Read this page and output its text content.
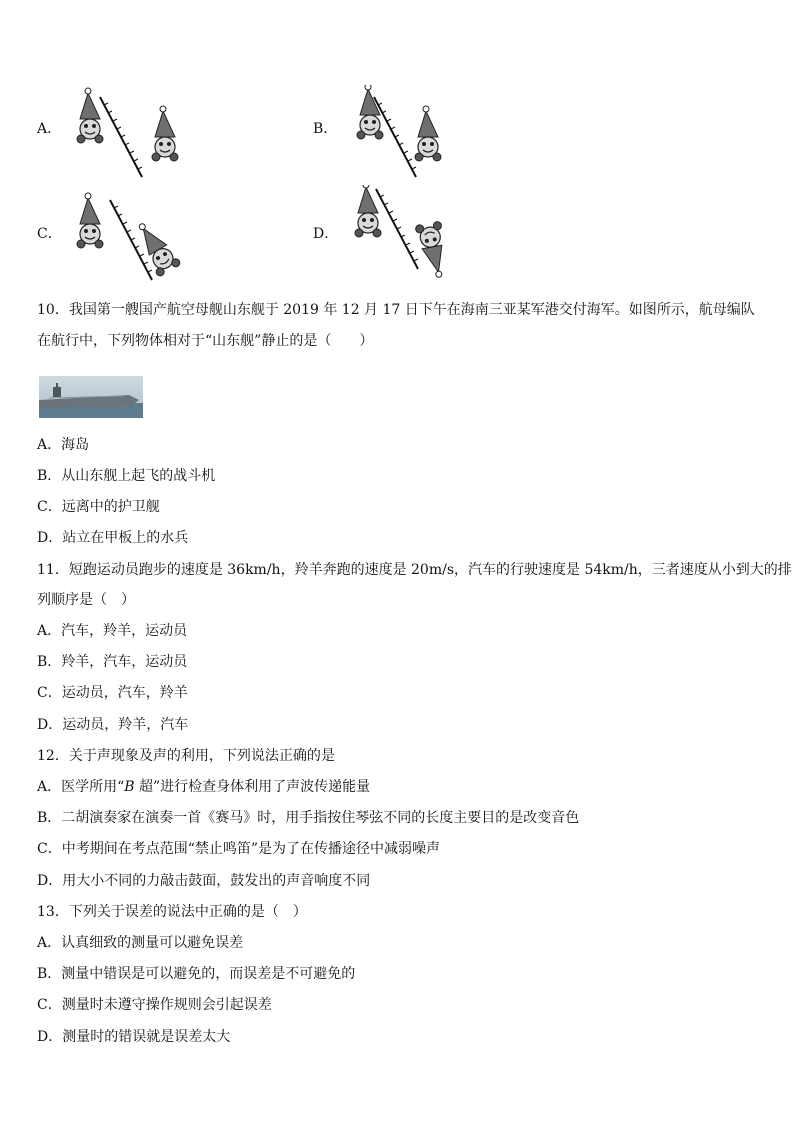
A．	B．
C．	D．
10．我国第一艘国产航空母舰山东舰于 2019 年 12 月 17 日下午在海南三亚某军港交付海军。如图所示，航母编队
在航行中，下列物体相对于“山东舰”静止的是（　　）
A．海岛
B．从山东舰上起飞的战斗机
C．远离中的护卫舰
D．站立在甲板上的水兵
11．短跑运动员跑步的速度是 36km/h，羚羊奔跑的速度是 20m/s，汽车的行驶速度是 54km/h，三者速度从小到大的排
列顺序是（　）
A．汽车，羚羊，运动员
B．羚羊，汽车，运动员
C．运动员，汽车，羚羊
D．运动员，羚羊，汽车
12．关于声现象及声的利用，下列说法正确的是
A．医学所用“B 超”进行检查身体利用了声波传递能量
B．二胡演奏家在演奏一首《赛马》时，用手指按住琴弦不同的长度主要目的是改变音色
C．中考期间在考点范围“禁止鸣笛”是为了在传播途径中减弱噪声
D．用大小不同的力敲击鼓面，鼓发出的声音响度不同
13．下列关于误差的说法中正确的是（　）
A．认真细致的测量可以避免误差
B．测量中错误是可以避免的，而误差是不可避免的
C．测量时未遵守操作规则会引起误差
D．测量时的错误就是误差太大
